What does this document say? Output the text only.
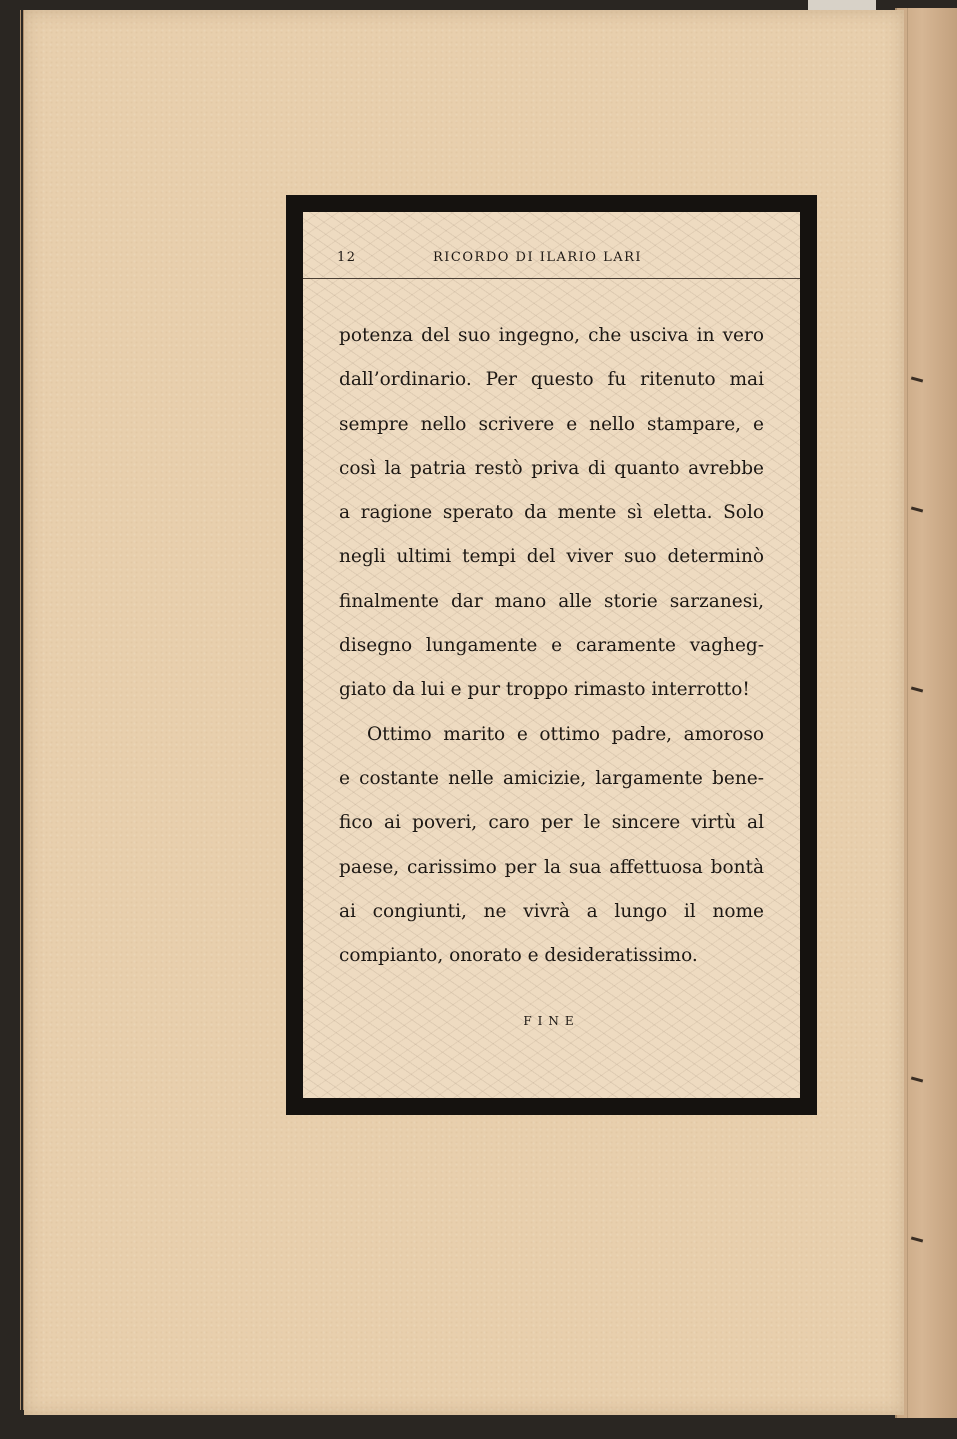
12	RICORDO DI ILARIO LARI
potenza del suo ingegno, che usciva in vero
dall’ordinario. Per questo fu ritenuto mai
sempre nello scrivere e nello stampare, e
così la patria restò priva di quanto avrebbe
a ragione sperato da mente sì eletta. Solo
negli ultimi tempi del viver suo determinò
finalmente dar mano alle storie sarzanesi,
disegno lungamente e caramente vagheg-
giato da lui e pur troppo rimasto interrotto!
Ottimo marito e ottimo padre, amoroso
e costante nelle amicizie, largamente bene-
fico ai poveri, caro per le sincere virtù al
paese, carissimo per la sua affettuosa bontà
ai congiunti, ne vivrà a lungo il nome
compianto, onorato e desideratissimo.
FINE
